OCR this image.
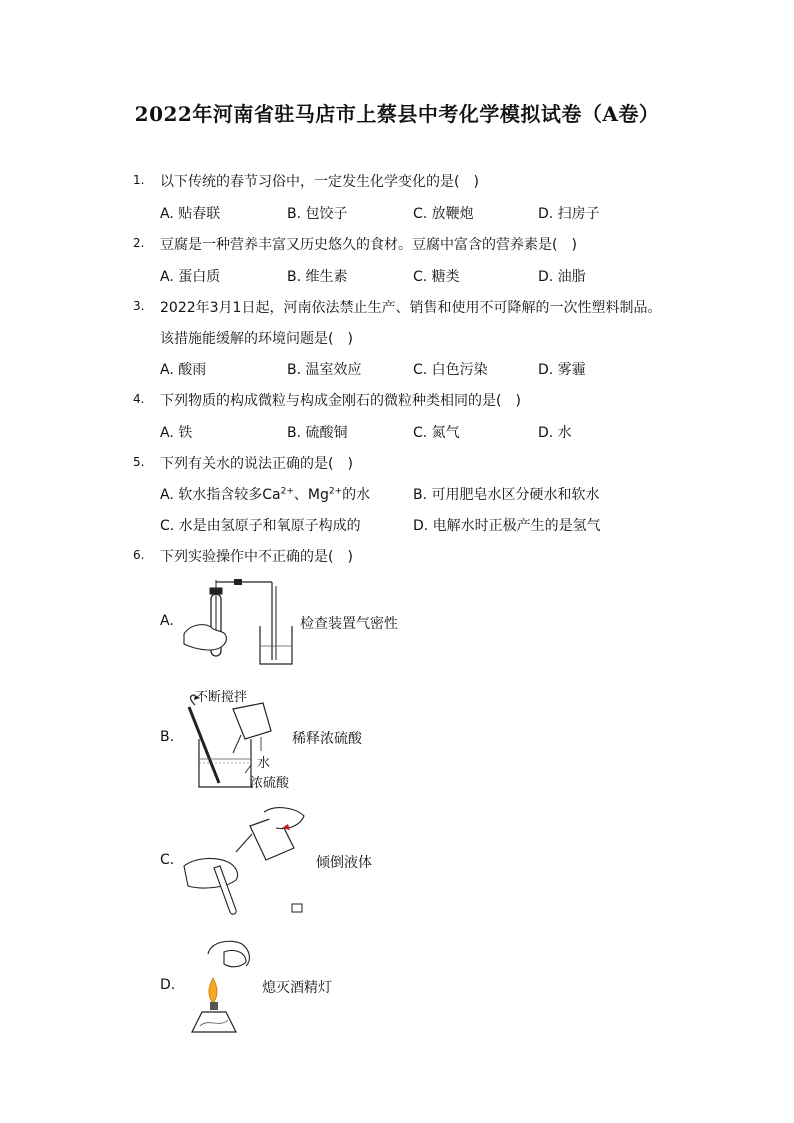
2022年河南省驻马店市上蔡县中考化学模拟试卷（A卷）
1.	以下传统的春节习俗中，一定发生化学变化的是(　)
A. 贴春联	B. 包饺子	C. 放鞭炮	D. 扫房子
2.	豆腐是一种营养丰富又历史悠久的食材。豆腐中富含的营养素是(　)
A. 蛋白质	B. 维生素	C. 糖类	D. 油脂
3.	2022年3月1日起，河南依法禁止生产、销售和使用不可降解的一次性塑料制品。
该措施能缓解的环境问题是(　)
A. 酸雨	B. 温室效应	C. 白色污染	D. 雾霾
4.	下列物质的构成微粒与构成金刚石的微粒种类相同的是(　)
A. 铁	B. 硫酸铜	C. 氮气	D. 水
5.	下列有关水的说法正确的是(　)
A. 软水指含较多$Ca^{2+}$、$Mg^{2+}$的水	B. 可用肥皂水区分硬水和软水
C. 水是由氢原子和氧原子构成的	D. 电解水时正极产生的是氢气
6.	下列实验操作中不正确的是(　)
A.	检查装置气密性
B.
不断搅拌
水
浓硫酸
稀释浓硫酸
C.	倾倒液体
D.	熄灭酒精灯
